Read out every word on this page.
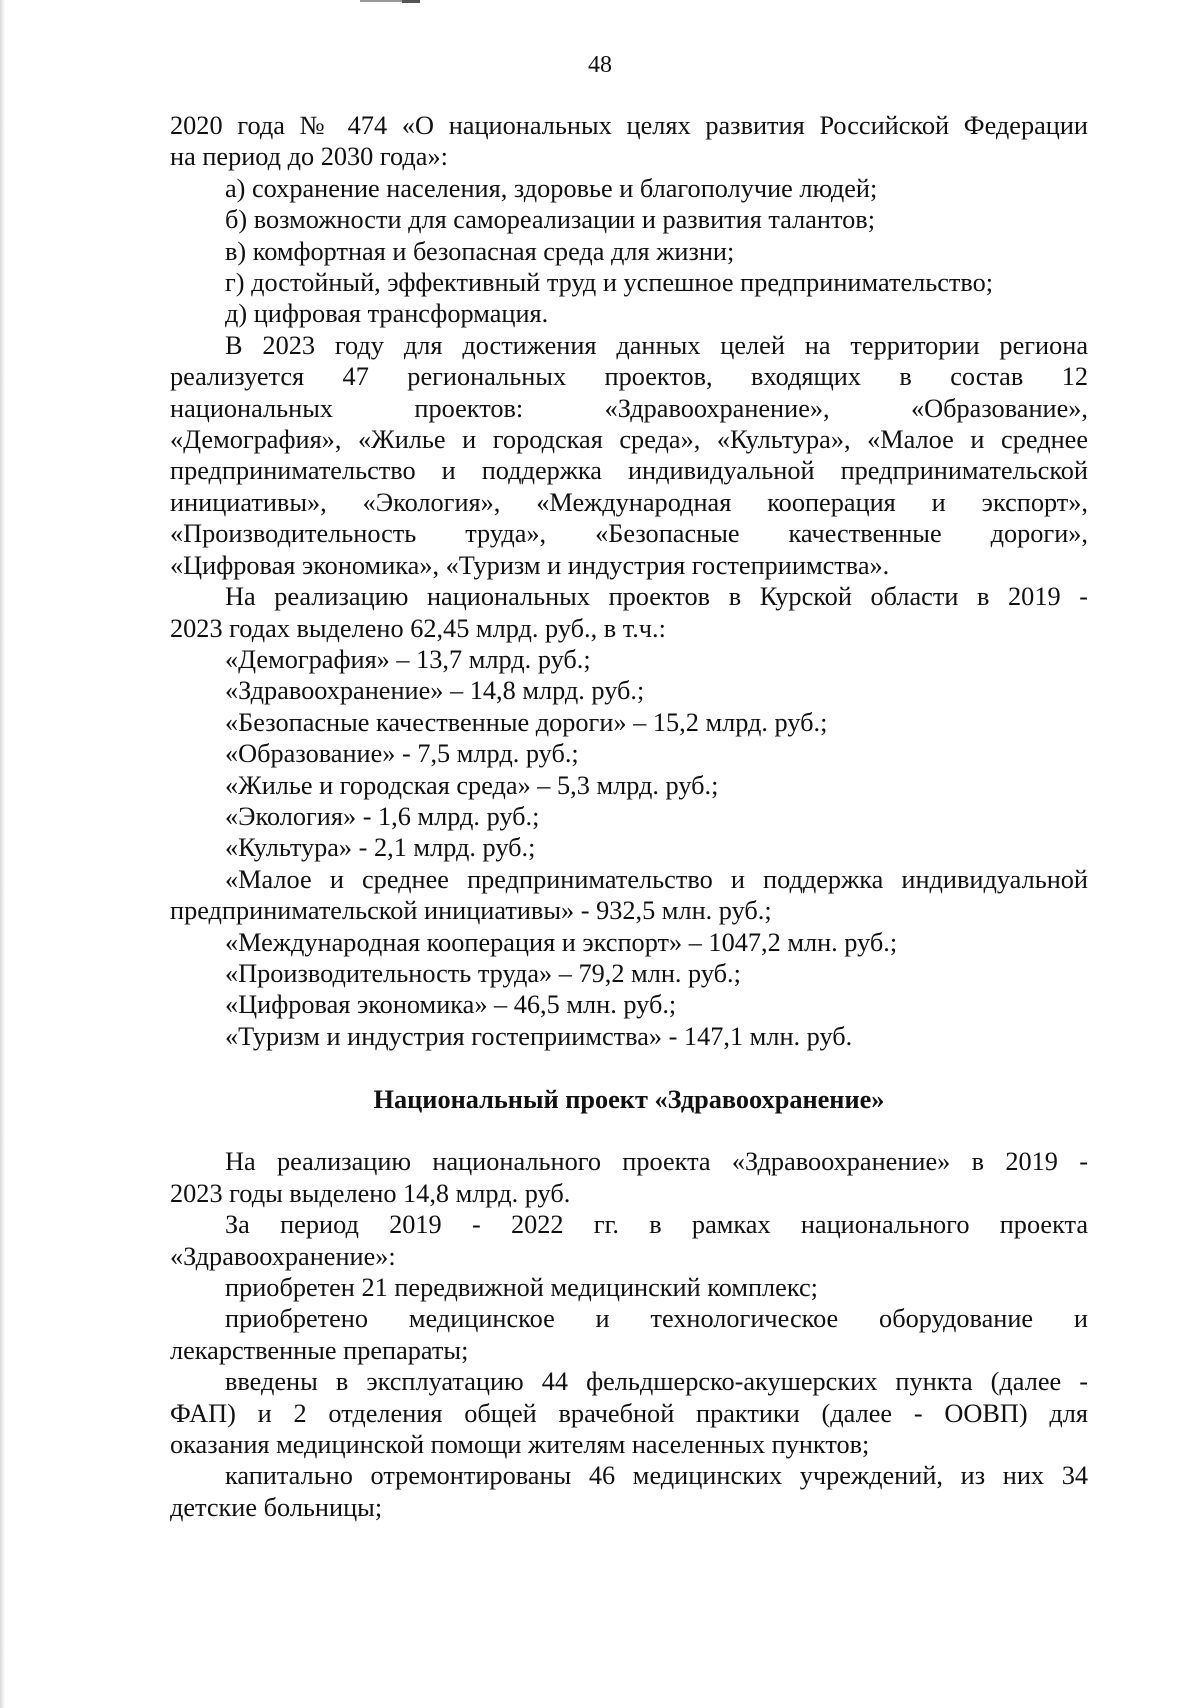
48

2020 года № 474 «О национальных целях развития Российской Федерации

на период до 2030 года»:

а) сохранение населения, здоровье и благополучие людей;

б) возможности для самореализации и развития талантов;

в) комфортная и безопасная среда для жизни;

г) достойный, эффективный труд и успешное предпринимательство;

д) цифровая трансформация.

В 2023 году для достижения данных целей на территории региона

реализуется 47 региональных проектов, входящих в состав 12

национальных проектов: «Здравоохранение», «Образование»,

«Демография», «Жилье и городская среда», «Культура», «Малое и среднее

предпринимательство и поддержка индивидуальной предпринимательской

инициативы», «Экология», «Международная кооперация и экспорт»,

«Производительность труда», «Безопасные качественные дороги»,

«Цифровая экономика», «Туризм и индустрия гостеприимства».

На реализацию национальных проектов в Курской области в 2019 -

2023 годах выделено 62,45 млрд. руб., в т.ч.:

«Демография» – 13,7 млрд. руб.;

«Здравоохранение» – 14,8 млрд. руб.;

«Безопасные качественные дороги» – 15,2 млрд. руб.;

«Образование» - 7,5 млрд. руб.;

«Жилье и городская среда» – 5,3 млрд. руб.;

«Экология» - 1,6 млрд. руб.;

«Культура» - 2,1 млрд. руб.;

«Малое и среднее предпринимательство и поддержка индивидуальной

предпринимательской инициативы» - 932,5 млн. руб.;

«Международная кооперация и экспорт» – 1047,2 млн. руб.;

«Производительность труда» – 79,2 млн. руб.;

«Цифровая экономика» – 46,5 млн. руб.;

«Туризм и индустрия гостеприимства» - 147,1 млн. руб.

Национальный проект «Здравоохранение»

На реализацию национального проекта «Здравоохранение» в 2019 -

2023 годы выделено 14,8 млрд. руб.

За период 2019 - 2022 гг. в рамках национального проекта

«Здравоохранение»:

приобретен 21 передвижной медицинский комплекс;

приобретено медицинское и технологическое оборудование и

лекарственные препараты;

введены в эксплуатацию 44 фельдшерско-акушерских пункта (далее -

ФАП) и 2 отделения общей врачебной практики (далее - ООВП) для

оказания медицинской помощи жителям населенных пунктов;

капитально отремонтированы 46 медицинских учреждений, из них 34

детские больницы;
